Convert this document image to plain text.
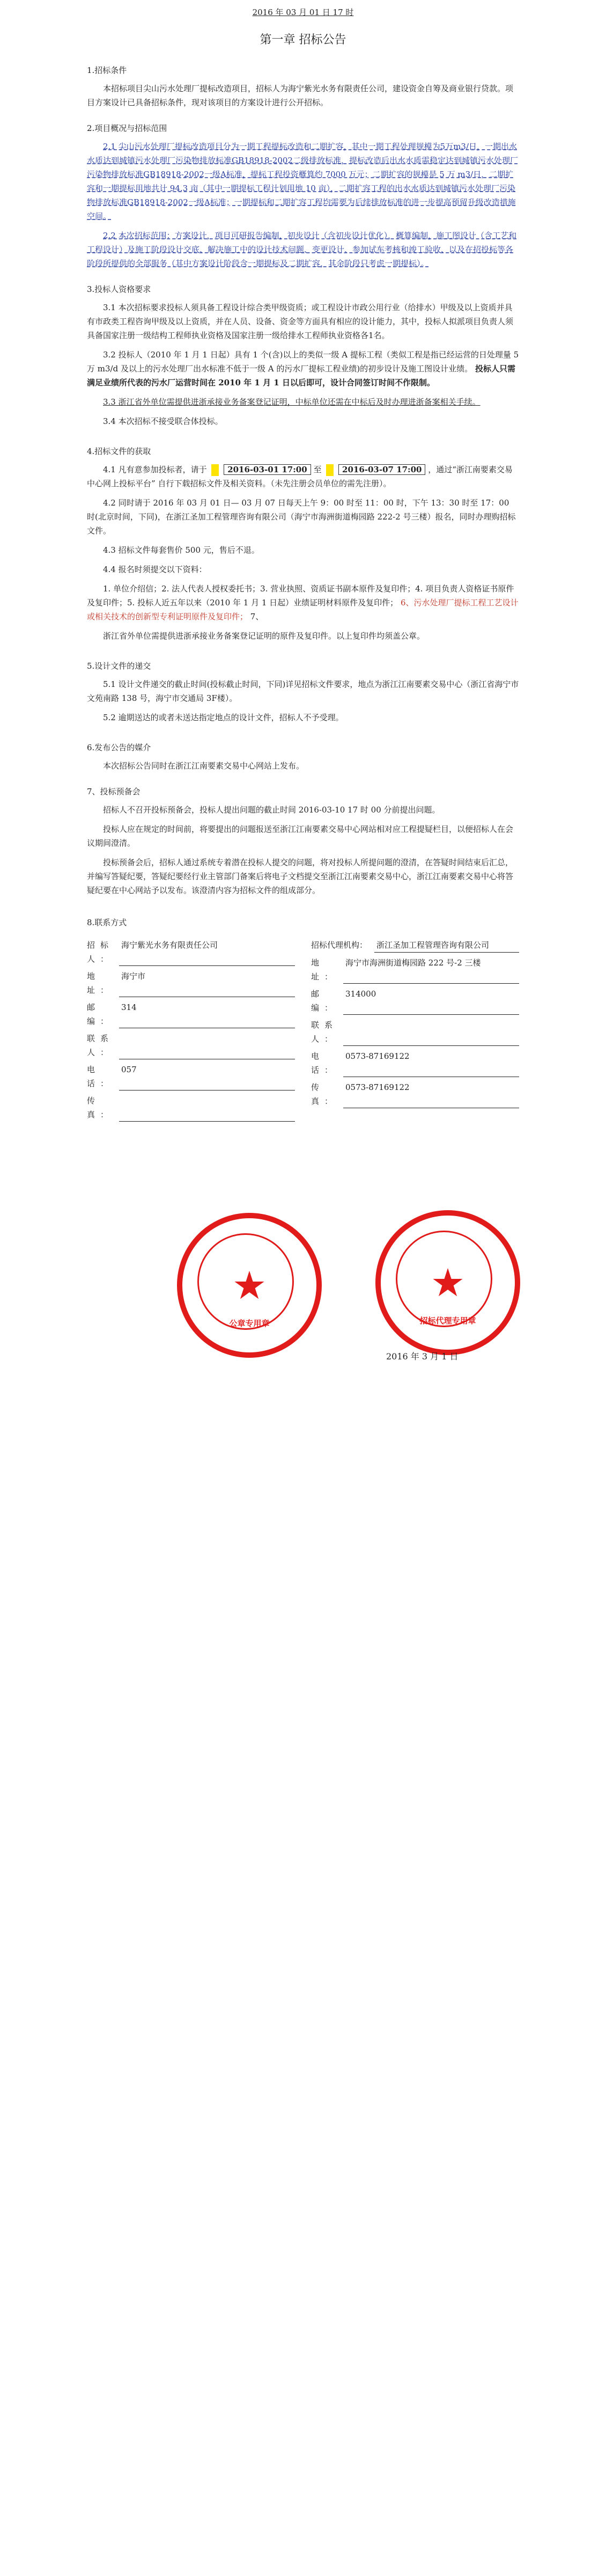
2016 年 03 月 01 日 17 时
第一章 招标公告
1.招标条件

本招标项目尖山污水处理厂提标改造项目，招标人为海宁紫光水务有限责任公司，建设资金自筹及商业银行贷款。项目方案设计已具备招标条件，现对该项目的方案设计进行公开招标。

2.项目概况与招标范围

2.1 尖山污水处理厂提标改造项目分为一期工程提标改造和二期扩容，其中一期工程处理规模为5万m3/日，一期出水水质达到城镇污水处理厂污染物排放标准GB18918-2002二级排放标准，提标改造后出水水质需稳定达到城镇污水处理厂污染物排放标准GB18918-2002一级A标准，提标工程投资概算约 7000 万元；二期扩容的规模是 5 万 m3/日，二期扩容和一期提标用地共计 94.3 亩（其中一期提标工程计划用地 10 亩），二期扩容工程的出水水质达到城镇污水处理厂污染物排放标准GB18918-2002一级A标准；一期提标和二期扩容工程均需要为后续排放标准的进一步提高预留升级改造措施空间。

2.2 本次招标范围：方案设计，项目可研报告编制，初步设计（含初步设计优化），概算编制，施工图设计（含工艺和工程设计）及施工阶段设计交底、解决施工中的设计技术问题、变更设计、参加试车考核和竣工验收、以及在招投标等各阶段所提供的全部服务（其中方案设计阶段含一期提标及二期扩容，其余阶段只考虑一期提标）。

3.投标人资格要求

3.1 本次招标要求投标人须具备工程设计综合类甲级资质；或工程设计市政公用行业（给排水）甲级及以上资质并具有市政类工程咨询甲级及以上资质，并在人员、设备、资金等方面具有相应的设计能力，其中，投标人拟派项目负责人须具备国家注册一级结构工程师执业资格及国家注册一级给排水工程师执业资格各1名。

3.2 投标人（2010 年 1 月 1 日起）具有 1 个(含)以上的类似一级 A 提标工程（类似工程是指已经运营的日处理量 5 万 m3/d 及以上的污水处理厂出水标准不低于一级 A 的污水厂提标工程业绩)的初步设计及施工图设计业绩。 投标人只需满足业绩所代表的污水厂运营时间在 2010 年 1 月 1 日以后即可，设计合同签订时间不作限制。

3.3 浙江省外单位需提供进浙承接业务备案登记证明，中标单位还需在中标后及时办理进浙备案相关手续。

3.4 本次招标不接受联合体投标。

4.招标文件的获取

4.1 凡有意参加投标者，请于	2016-03-01 17:00 至	2016-03-07 17:00 ，通过“浙江南要素交易中心网上投标平台” 自行下载招标文件及相关资料。（未先注册会员单位的需先注册）。

4.2 同时请于 2016 年 03 月 01 日— 03 月 07 日每天上午 9：00 时至 11：00 时，下午 13：30 时至 17：00 时(北京时间，下同)，在浙江圣加工程管理咨询有限公司（海宁市海洲街道梅园路 222-2 号三楼）报名，同时办理购招标文件。

4.3 招标文件每套售价 500 元，售后不退。

4.4 报名时须提交以下资料：

1. 单位介绍信；2. 法人代表人授权委托书；3. 营业执照、资质证书副本原件及复印件；4. 项目负责人资格证书原件及复印件；5. 投标人近五年以来（2010 年 1 月 1 日起）业绩证明材料原件及复印件； 6、污水处理厂提标工程工艺设计或相关技术的创新型专利证明原件及复印件； 7、

浙江省外单位需提供进浙承接业务备案登记证明的原件及复印件。以上复印件均须盖公章。

5.设计文件的递交

5.1 设计文件递交的截止时间(投标截止时间，下同)详见招标文件要求，地点为浙江江南要素交易中心（浙江省海宁市文苑南路 138 号，海宁市交通局 3F楼）。

5.2 逾期送达的或者未送达指定地点的设计文件，招标人不予受理。

6.发布公告的媒介

本次招标公告同时在浙江江南要素交易中心网站上发布。

7、投标预备会

招标人不召开投标预备会，投标人提出问题的截止时间 2016-03-10 17 时 00 分前提出问题。

投标人应在规定的时间前，将要提出的问题报送至浙江江南要素交易中心网站相对应工程提疑栏目，以便招标人在会议期间澄清。

投标预备会后，招标人通过系统专着潜在投标人提交的问题，将对投标人所提问题的澄清，在答疑时间结束后汇总，并编写答疑纪要，答疑纪要经行业主管部门备案后将电子文档提交至浙江江南要素交易中心，浙江江南要素交易中心将答疑纪要在中心网站予以发布。该澄清内容为招标文件的组成部分。

8.联系方式
招标人：
海宁紫光水务有限责任公司
地 址：
海宁市
邮 编：
314
联系人：
电 话：
057
传 真：
招标代理机构：	浙江圣加工程管理咨询有限公司
地 址：
海宁市海洲街道梅园路 222 号-2 三楼
邮 编：
314000
联系人：
电 话：
0573-87169122
传 真：
0573-87169122
★
公章专用章
★
招标代理专用章
2016 年 3 月 1 日
